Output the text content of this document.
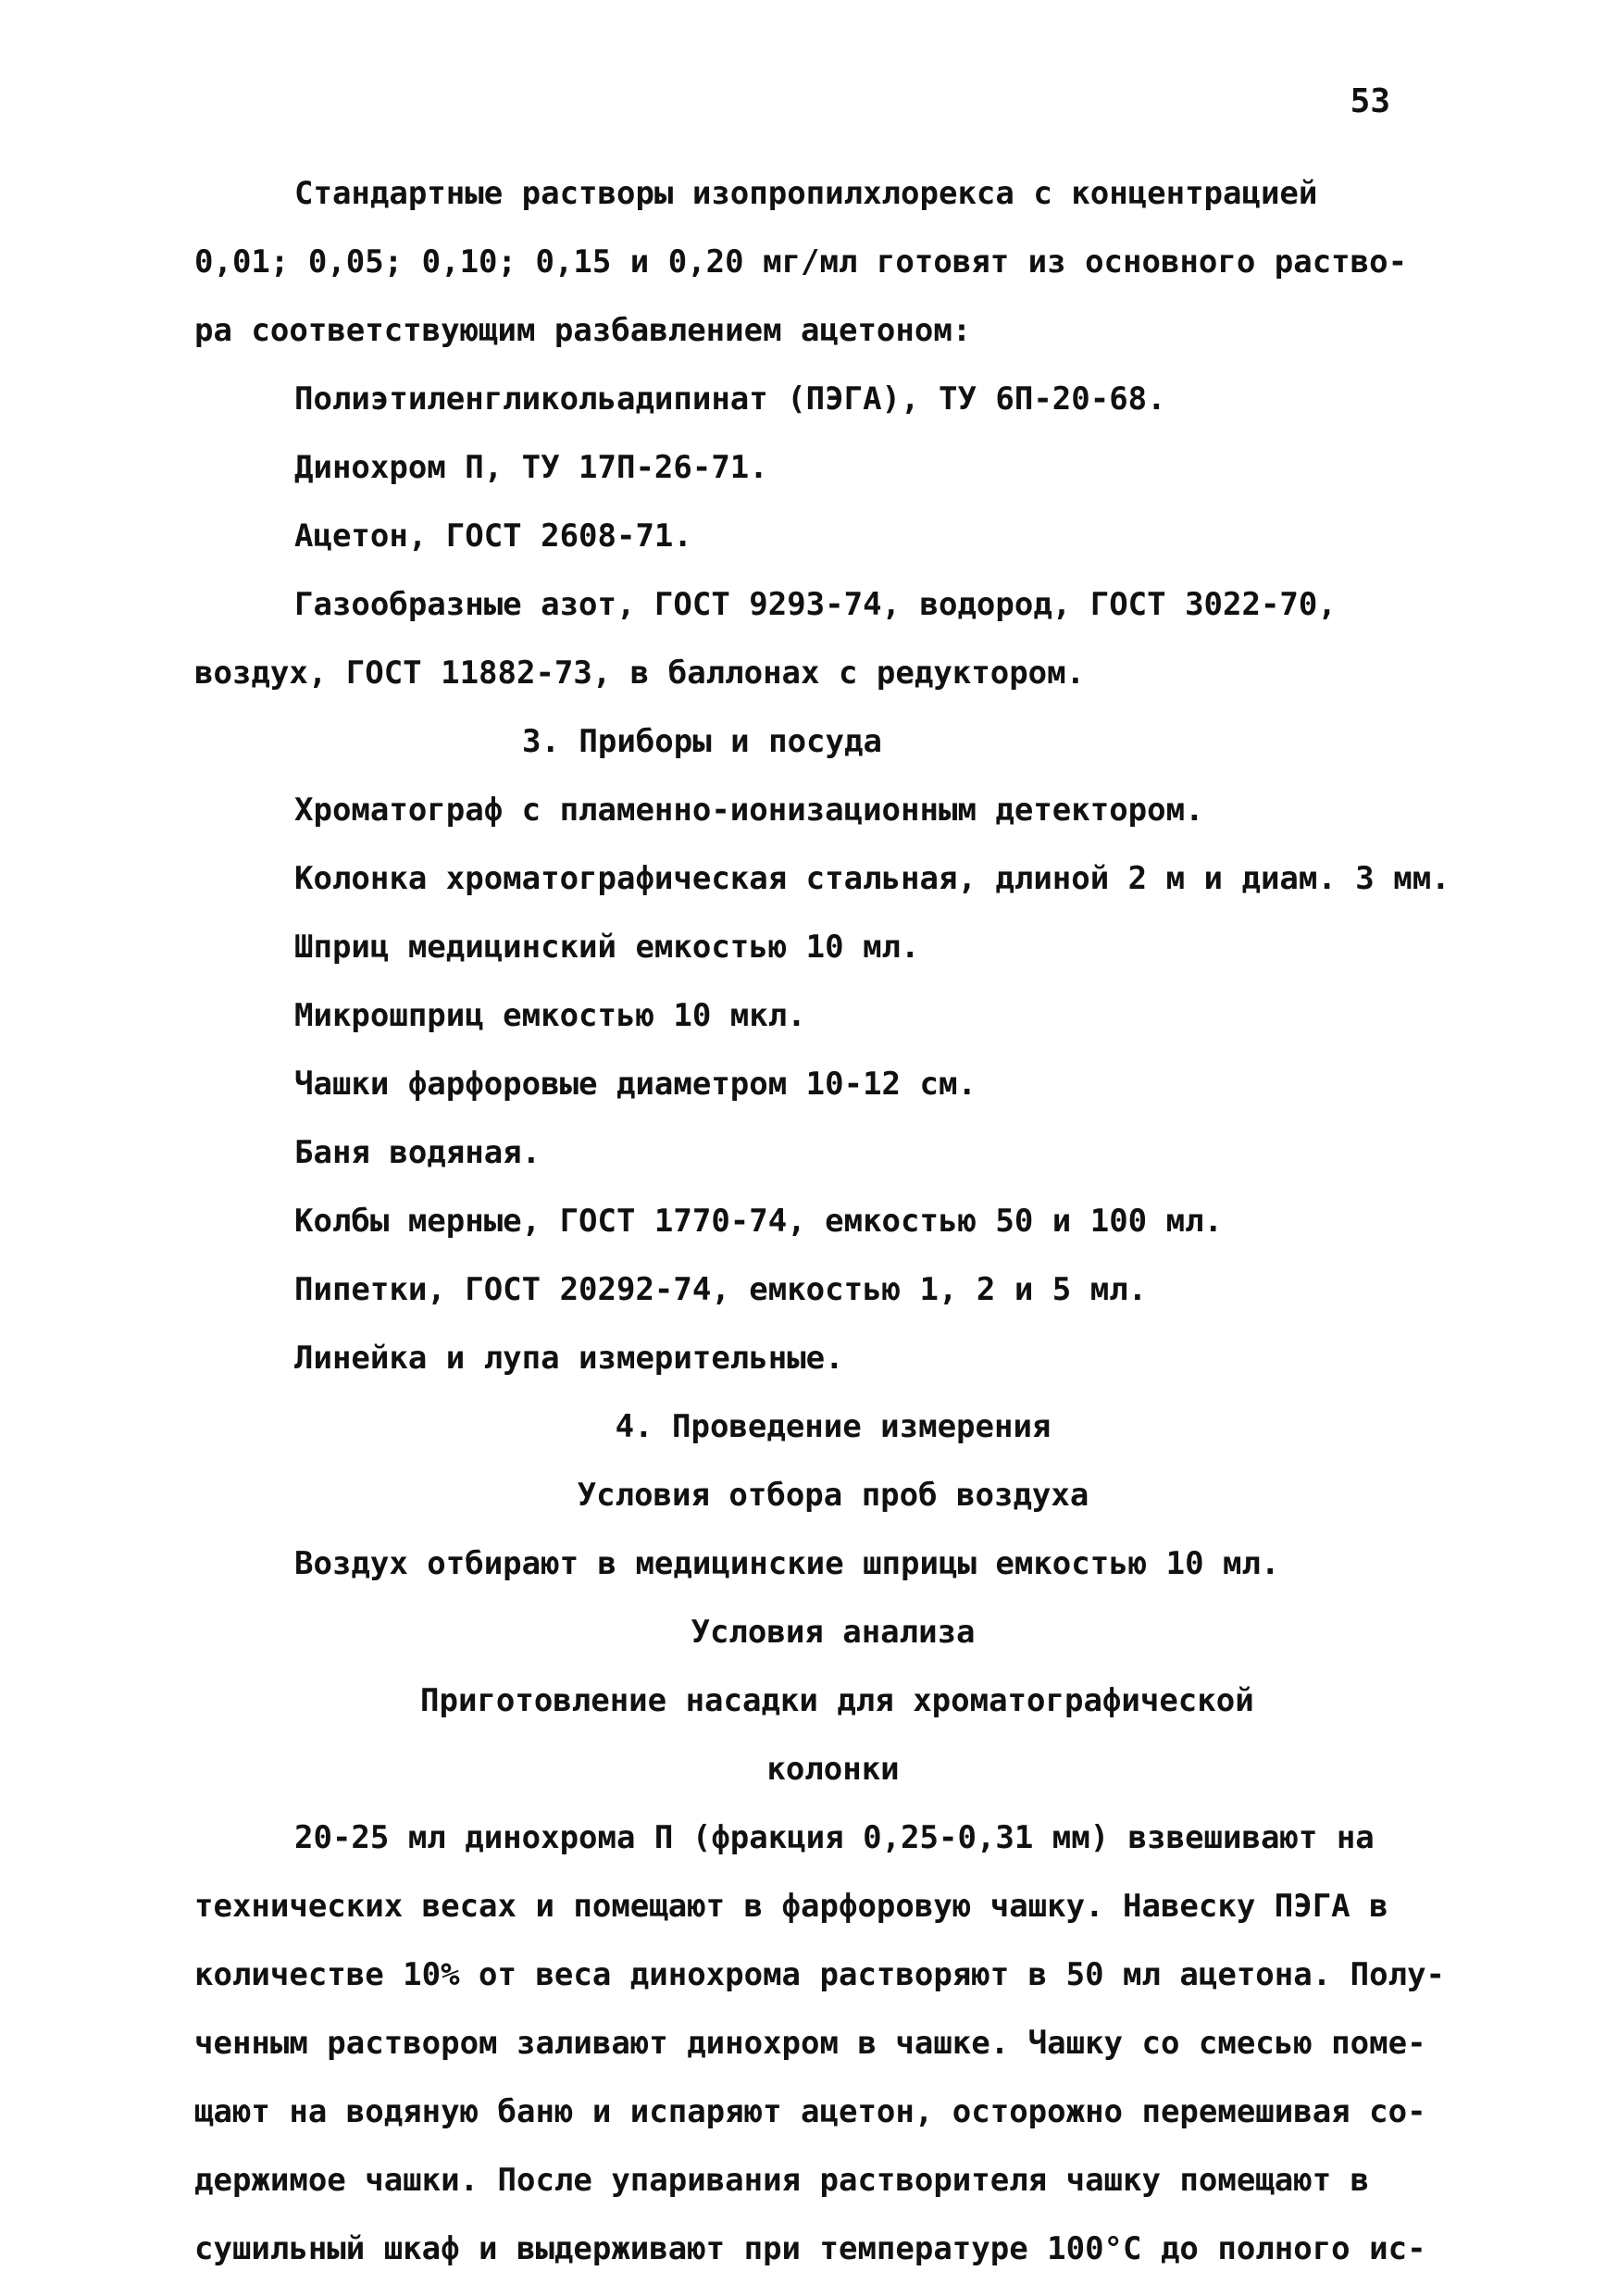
53
Стандартные растворы изопропилхлорекса с концентрацией
0,01; 0,05; 0,10; 0,15 и 0,20 мг/мл готовят из основного раство-
ра соответствующим разбавлением ацетоном:
Полиэтиленгликольадипинат (ПЭГА), ТУ 6П-20-68.
Динохром П, ТУ 17П-26-71.
Ацетон, ГОСТ 2608-71.
Газообразные азот, ГОСТ 9293-74, водород, ГОСТ 3022-70,
воздух, ГОСТ 11882-73, в баллонах с редуктором.
3. Приборы и посуда
Хроматограф с пламенно-ионизационным детектором.
Колонка хроматографическая стальная, длиной 2 м и диам. 3 мм.
Шприц медицинский емкостью 10 мл.
Микрошприц емкостью 10 мкл.
Чашки фарфоровые диаметром 10-12 см.
Баня водяная.
Колбы мерные, ГОСТ 1770-74, емкостью 50 и 100 мл.
Пипетки, ГОСТ 20292-74, емкостью 1, 2 и 5 мл.
Линейка и лупа измерительные.
4. Проведение измерения
Условия отбора проб воздуха
Воздух отбирают в медицинские шприцы емкостью 10 мл.
Условия анализа
Приготовление насадки для хроматографической
колонки
20-25 мл динохрома П (фракция 0,25-0,31 мм) взвешивают на
технических весах и помещают в фарфоровую чашку. Навеску ПЭГА в
количестве 10% от веса динохрома растворяют в 50 мл ацетона. Полу-
ченным раствором заливают динохром в чашке. Чашку со смесью поме-
щают на водяную баню и испаряют ацетон, осторожно перемешивая со-
держимое чашки. После упаривания растворителя чашку помещают в
сушильный шкаф и выдерживают при температуре 100°С до полного ис-
